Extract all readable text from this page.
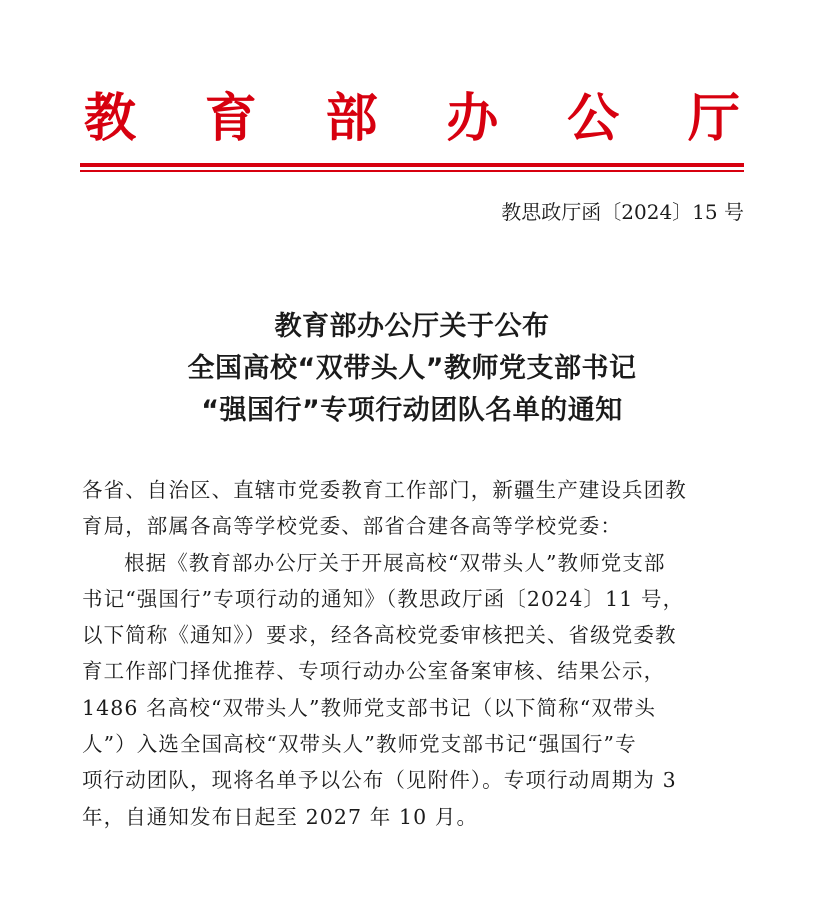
教 育 部 办 公 厅
教思政厅函〔2024〕15 号
教育部办公厅关于公布
全国高校“双带头人”教师党支部书记
“强国行”专项行动团队名单的通知
各省、自治区、直辖市党委教育工作部门，新疆生产建设兵团教
育局，部属各高等学校党委、部省合建各高等学校党委：
根据《教育部办公厅关于开展高校“双带头人”教师党支部
书记“强国行”专项行动的通知》（教思政厅函〔2024〕11 号，
以下简称《通知》）要求，经各高校党委审核把关、省级党委教
育工作部门择优推荐、专项行动办公室备案审核、结果公示，
1486 名高校“双带头人”教师党支部书记（以下简称“双带头
人”）入选全国高校“双带头人”教师党支部书记“强国行”专
项行动团队，现将名单予以公布（见附件）。专项行动周期为 3
年，自通知发布日起至 2027 年 10 月。
